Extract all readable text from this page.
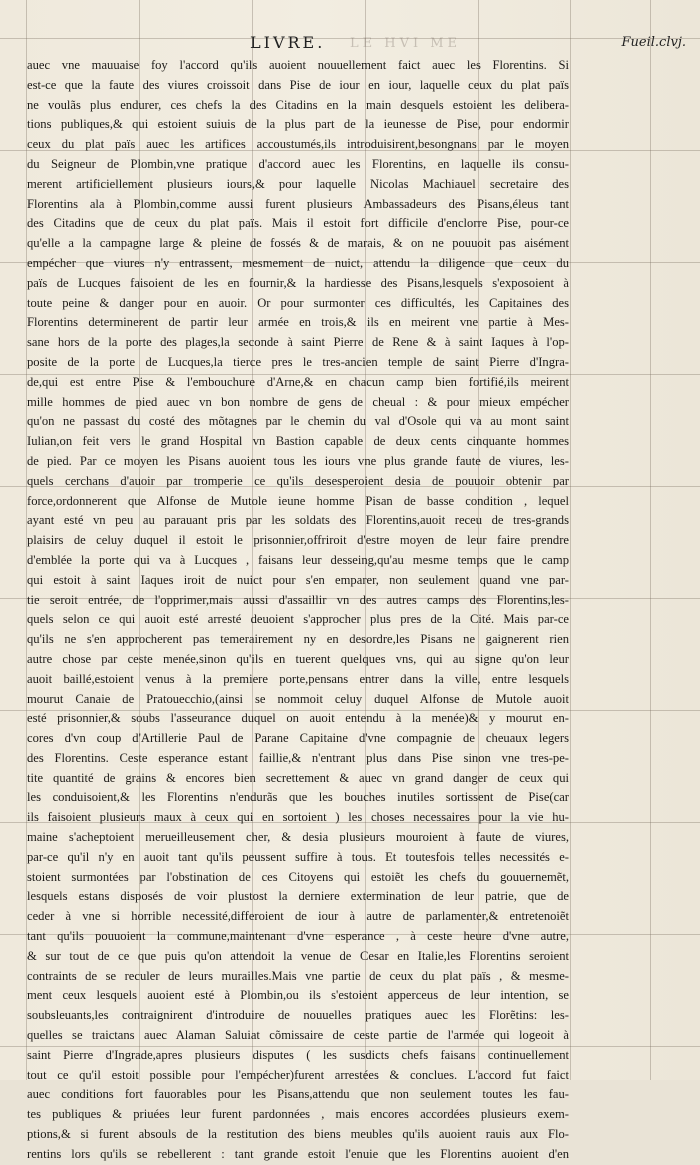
LE HVI ME
LIVRE.	Fueil.clvj.
auec vne mauuaise foy l'accord qu'ils auoient nouuellement faict auec les Florentins. Si
est-ce que la faute des viures croissoit dans Pise de iour en iour, laquelle ceux du plat païs
ne voulãs plus endurer, ces chefs la des Citadins en la main desquels estoient les delibera-
tions publiques,& qui estoient suiuis de la plus part de la ieunesse de Pise, pour endormir
ceux du plat païs auec les artifices accoustumés,ils introduisirent,besongnans par le moyen
du Seigneur de Plombin,vne pratique d'accord auec les Florentins, en laquelle ils consu-
merent artificiellement plusieurs iours,& pour laquelle Nicolas Machiauel secretaire des
Florentins ala à Plombin,comme aussi furent plusieurs Ambassadeurs des Pisans,éleus tant
des Citadins que de ceux du plat païs. Mais il estoit fort difficile d'enclorre Pise, pour-ce
qu'elle a la campagne large & pleine de fossés & de marais, & on ne pouuoit pas aisément
empécher que viures n'y entrassent, mesmement de nuict, attendu la diligence que ceux du
païs de Lucques faisoient de les en fournir,& la hardiesse des Pisans,lesquels s'exposoient à
toute peine & danger pour en auoir. Or pour surmonter ces difficultés, les Capitaines des
Florentins determinerent de partir leur armée en trois,& ils en meirent vne partie à Mes-
sane hors de la porte des plages,la seconde à saint Pierre de Rene & à saint Iaques à l'op-
posite de la porte de Lucques,la tierce pres le tres-ancien temple de saint Pierre d'Ingra-
de,qui est entre Pise & l'embouchure d'Arne,& en chacun camp bien fortifié,ils meirent
mille hommes de pied auec vn bon nombre de gens de cheual : & pour mieux empécher
qu'on ne passast du costé des mõtagnes par le chemin du val d'Osole qui va au mont saint
Iulian,on feit vers le grand Hospital vn Bastion capable de deux cents cinquante hommes
de pied. Par ce moyen les Pisans auoient tous les iours vne plus grande faute de viures, les-
quels cerchans d'auoir par tromperie ce qu'ils desesperoient desia de pouuoir obtenir par
force,ordonnerent que Alfonse de Mutole ieune homme Pisan de basse condition , lequel
ayant esté vn peu au parauant pris par les soldats des Florentins,auoit receu de tres-grands
plaisirs de celuy duquel il estoit le prisonnier,offriroit d'estre moyen de leur faire prendre
d'emblée la porte qui va à Lucques , faisans leur desseing,qu'au mesme temps que le camp
qui estoit à saint Iaques iroit de nuict pour s'en emparer, non seulement quand vne par-
tie seroit entrée, de l'opprimer,mais aussi d'assaillir vn des autres camps des Florentins,les-
quels selon ce qui auoit esté arresté deuoient s'approcher plus pres de la Cité. Mais par-ce
qu'ils ne s'en approcherent pas temerairement ny en desordre,les Pisans ne gaignerent rien
autre chose par ceste menée,sinon qu'ils en tuerent quelques vns, qui au signe qu'on leur
auoit baillé,estoient venus à la premiere porte,pensans entrer dans la ville, entre lesquels
mourut Canaie de Pratouecchio,(ainsi se nommoit celuy duquel Alfonse de Mutole auoit
esté prisonnier,& soubs l'asseurance duquel on auoit entendu à la menée)& y mourut en-
cores d'vn coup d'Artillerie Paul de Parane Capitaine d'vne compagnie de cheuaux legers
des Florentins. Ceste esperance estant faillie,& n'entrant plus dans Pise sinon vne tres-pe-
tite quantité de grains & encores bien secrettement & auec vn grand danger de ceux qui
les conduisoient,& les Florentins n'endurãs que les bouches inutiles sortissent de Pise(car
ils faisoient plusieurs maux à ceux qui en sortoient ) les choses necessaires pour la vie hu-
maine s'acheptoient merueilleusement cher, & desia plusieurs mouroient à faute de viures,
par-ce qu'il n'y en auoit tant qu'ils peussent suffire à tous. Et toutesfois telles necessités e-
stoient surmontées par l'obstination de ces Citoyens qui estoiẽt les chefs du gouuernemẽt,
lesquels estans disposés de voir plustost la derniere extermination de leur patrie, que de
ceder à vne si horrible necessité,differoient de iour à autre de parlamenter,& entretenoiẽt
tant qu'ils pouuoient la commune,maintenant d'vne esperance , à ceste heure d'vne autre,
& sur tout de ce que puis qu'on attendoit la venue de Cesar en Italie,les Florentins seroient
contraints de se reculer de leurs murailles.Mais vne partie de ceux du plat païs , & mesme-
ment ceux lesquels auoient esté à Plombin,ou ils s'estoient apperceus de leur intention, se
soubsleuants,les contraignirent d'introduire de nouuelles pratiques auec les Florẽtins: les-
quelles se traictans auec Alaman Saluiat cõmissaire de ceste partie de l'armée qui logeoit à
saint Pierre d'Ingrade,apres plusieurs disputes ( les susdicts chefs faisans continuellement
tout ce qu'il estoit possible pour l'empécher)furent arrestées & conclues. L'accord fut faict
auec conditions fort fauorables pour les Pisans,attendu que non seulement toutes les fau-
tes publiques & priuées leur furent pardonnées , mais encores accordées plusieurs exem-
ptions,& si furent absouls de la restitution des biens meubles qu'ils auoient rauis aux Flo-
rentins lors qu'ils se rebellerent : tant grande estoit l'enuie que les Florentins auoient d'en
